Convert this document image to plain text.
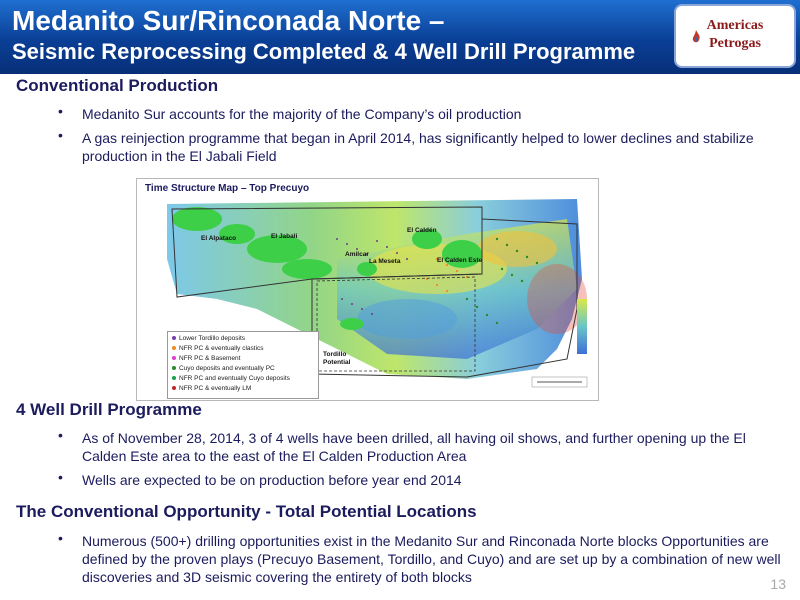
Medanito Sur/Rinconada Norte –
Seismic Reprocessing Completed & 4 Well Drill Programme
Americas
Petrogas
Conventional Production
•	Medanito Sur accounts for the majority of the Company’s oil production
•	A gas reinjection programme that began in April 2014, has significantly helped to lower declines and stabilize production in the El Jabali Field
Time Structure Map – Top Precuyo
El Alpataco	El Jabali
Amilcar
La Meseta
El Caldén
El Calden Este
Tordillo Potential
Lower Tordillo deposits
NFR PC & eventually clastics
NFR PC & Basement
Cuyo deposits and eventually PC
NFR PC and eventually Cuyo deposits
NFR PC & eventually LM
4 Well Drill Programme
•	As of November 28, 2014, 3 of 4 wells have been drilled, all having oil shows, and further opening up the El Calden Este area to the east of the El Calden Production Area
•	Wells are expected to be on production before year end 2014
The Conventional Opportunity - Total Potential Locations
•	Numerous (500+) drilling opportunities exist in the Medanito Sur and Rinconada Norte blocks Opportunities are defined by the proven plays (Precuyo Basement, Tordillo, and Cuyo) and are set up by a combination of new well discoveries and 3D seismic covering the entirety of both blocks	13
